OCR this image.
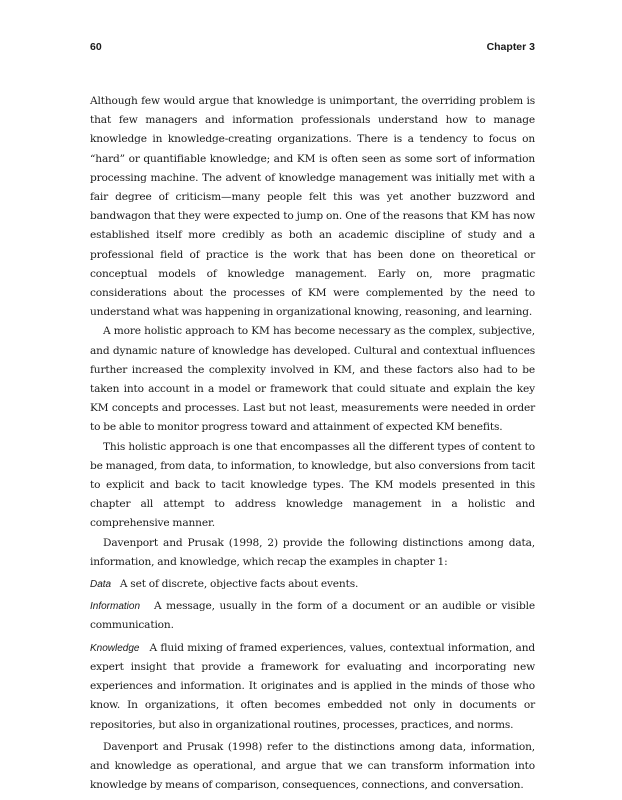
60	Chapter 3

Although few would argue that knowledge is unimportant, the overriding problem is that few managers and information professionals understand how to manage knowledge in knowledge-creating organizations. There is a tendency to focus on “hard” or quantifiable knowledge; and KM is often seen as some sort of information processing machine. The advent of knowledge management was initially met with a fair degree of criticism—many people felt this was yet another buzzword and bandwagon that they were expected to jump on. One of the reasons that KM has now established itself more credibly as both an academic discipline of study and a professional field of practice is the work that has been done on theoretical or conceptual models of knowledge management. Early on, more pragmatic considerations about the processes of KM were complemented by the need to understand what was happening in organizational knowing, reasoning, and learning.

A more holistic approach to KM has become necessary as the complex, subjective, and dynamic nature of knowledge has developed. Cultural and contextual influences further increased the complexity involved in KM, and these factors also had to be taken into account in a model or framework that could situate and explain the key KM concepts and processes. Last but not least, measurements were needed in order to be able to monitor progress toward and attainment of expected KM benefits.

This holistic approach is one that encompasses all the different types of content to be managed, from data, to information, to knowledge, but also conversions from tacit to explicit and back to tacit knowledge types. The KM models presented in this chapter all attempt to address knowledge management in a holistic and comprehensive manner.

Davenport and Prusak (1998, 2) provide the following distinctions among data, information, and knowledge, which recap the examples in chapter 1:

Data A set of discrete, objective facts about events.

Information A message, usually in the form of a document or an audible or visible communication.

Knowledge A fluid mixing of framed experiences, values, contextual information, and expert insight that provide a framework for evaluating and incorporating new experiences and information. It originates and is applied in the minds of those who know. In organizations, it often becomes embedded not only in documents or repositories, but also in organizational routines, processes, practices, and norms.

Davenport and Prusak (1998) refer to the distinctions among data, information, and knowledge as operational, and argue that we can transform information into knowledge by means of comparison, consequences, connections, and conversation.
